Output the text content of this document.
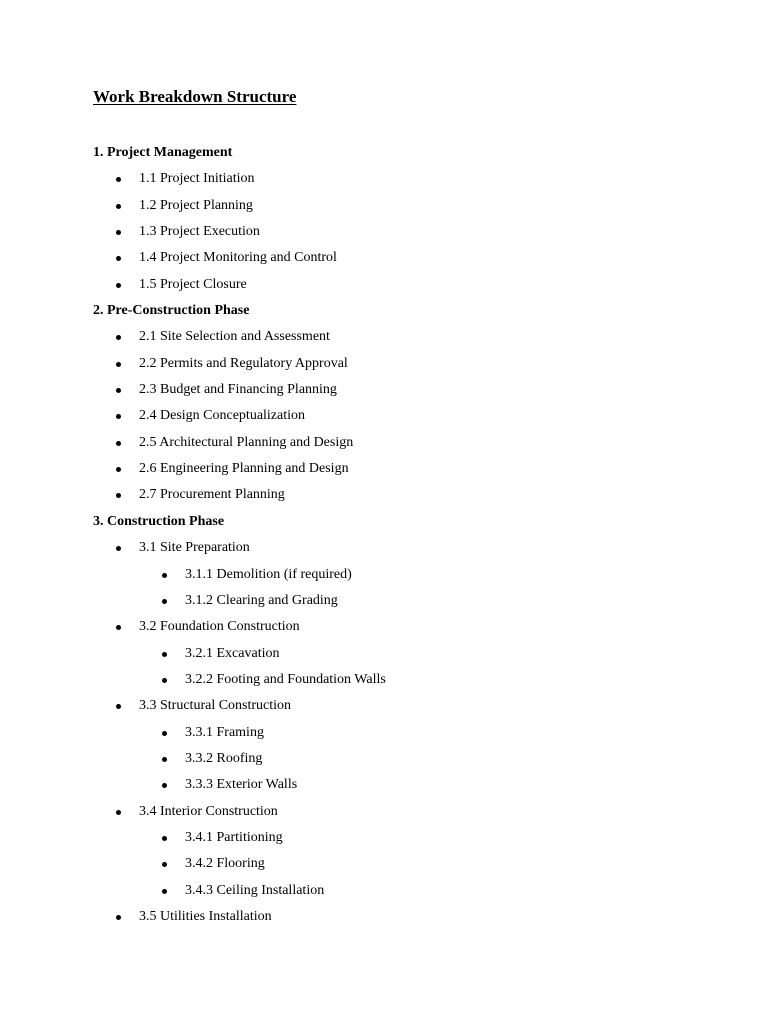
Work Breakdown Structure
1. Project Management
1.1 Project Initiation
1.2 Project Planning
1.3 Project Execution
1.4 Project Monitoring and Control
1.5 Project Closure
2. Pre-Construction Phase
2.1 Site Selection and Assessment
2.2 Permits and Regulatory Approval
2.3 Budget and Financing Planning
2.4 Design Conceptualization
2.5 Architectural Planning and Design
2.6 Engineering Planning and Design
2.7 Procurement Planning
3. Construction Phase
3.1 Site Preparation
3.1.1 Demolition (if required)
3.1.2 Clearing and Grading
3.2 Foundation Construction
3.2.1 Excavation
3.2.2 Footing and Foundation Walls
3.3 Structural Construction
3.3.1 Framing
3.3.2 Roofing
3.3.3 Exterior Walls
3.4 Interior Construction
3.4.1 Partitioning
3.4.2 Flooring
3.4.3 Ceiling Installation
3.5 Utilities Installation
